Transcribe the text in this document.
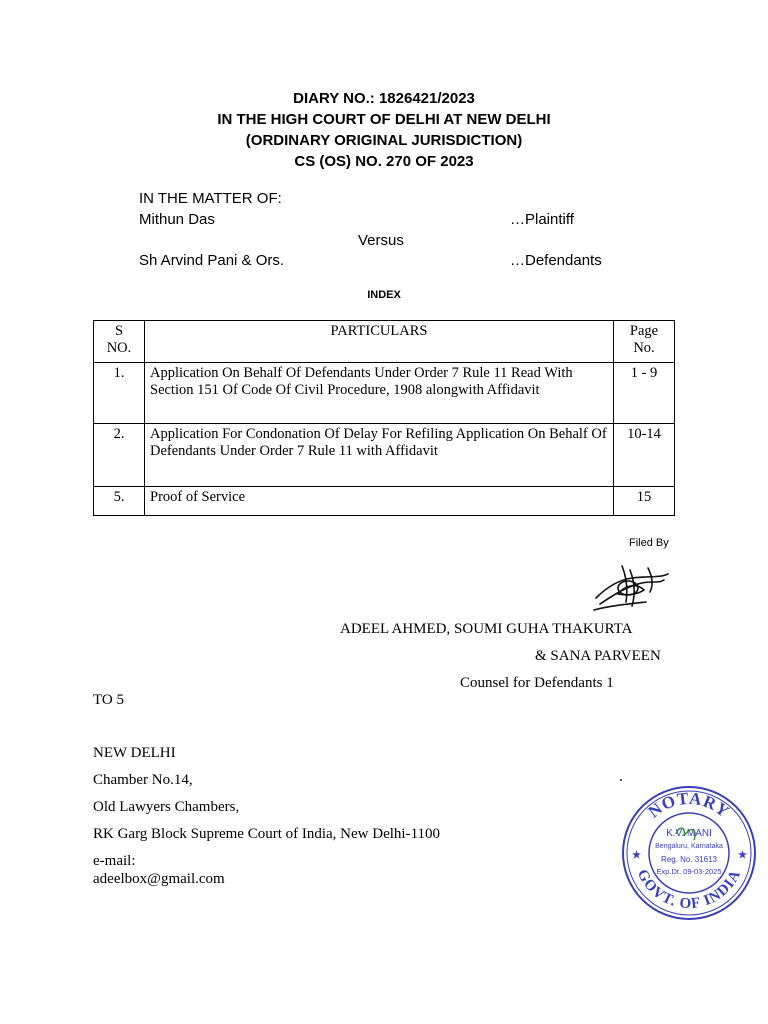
DIARY NO.: 1826421/2023
IN THE HIGH COURT OF DELHI AT NEW DELHI
(ORDINARY ORIGINAL JURISDICTION)
CS (OS) NO. 270 OF 2023
IN THE MATTER OF:
Mithun Das	…Plaintiff
Versus
Sh Arvind Pani & Ors.	…Defendants
INDEX
S NO.	PARTICULARS	Page No.
1.	Application On Behalf Of Defendants Under Order 7 Rule 11 Read With Section 151 Of Code Of Civil Procedure, 1908 alongwith Affidavit	1 - 9
2.	Application For Condonation Of Delay For Refiling Application On Behalf Of Defendants Under Order 7 Rule 11 with Affidavit	10-14
5.	Proof of Service	15
Filed By
ADEEL AHMED, SOUMI GUHA THAKURTA
& SANA PARVEEN
Counsel for Defendants 1
TO 5
NEW DELHI
Chamber No.14,
Old Lawyers Chambers,
RK Garg Block Supreme Court of India, New Delhi-1100
e-mail:
adeelbox@gmail.com
NOTARY
GOVT. OF INDIA
★	★
K.V. MANI
Bengaluru, Karnataka
Reg. No. 31613
Exp.Dt. 09-03-2025
